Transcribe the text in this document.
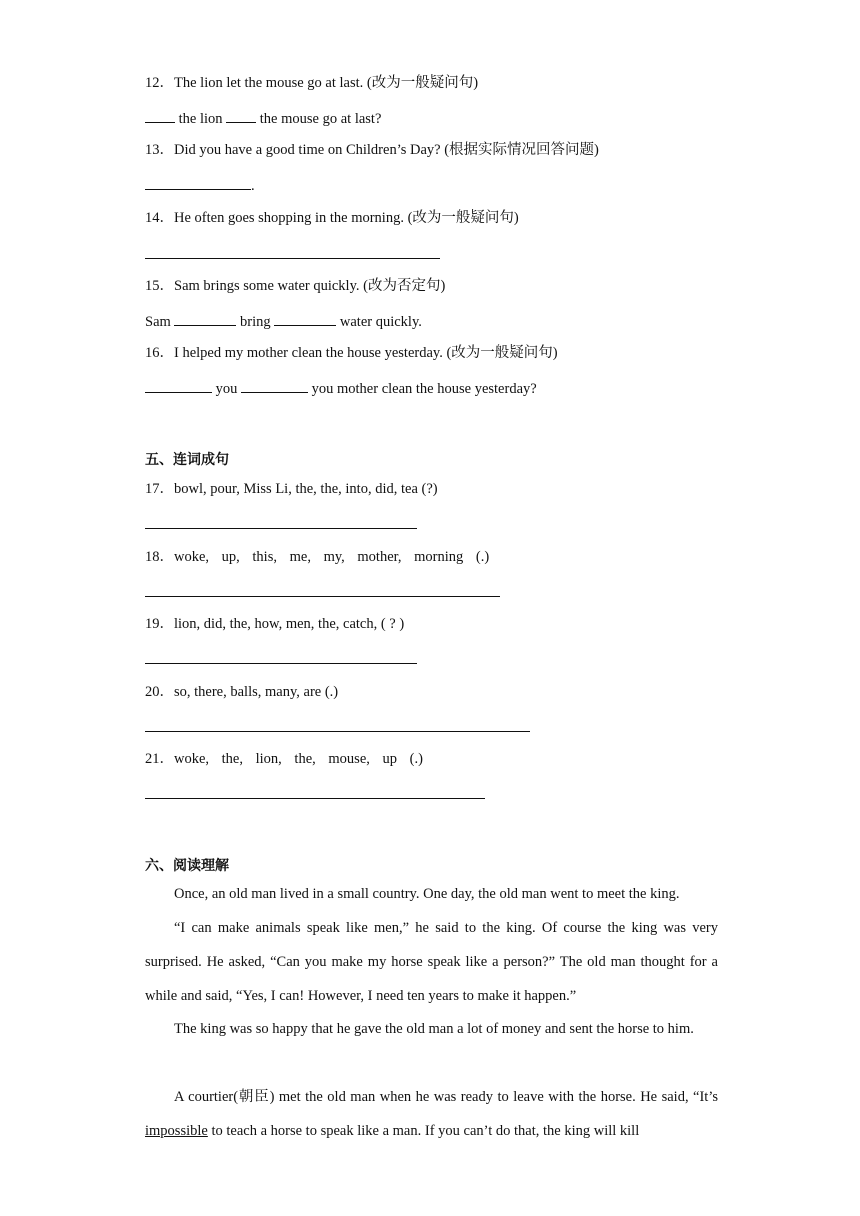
12．The lion let the mouse go at last. (改为一般疑问句)
the lion  the mouse go at last?
13．Did you have a good time on Children’s Day? (根据实际情况回答问题)
.
14．He often goes shopping in the morning. (改为一般疑问句)
15．Sam brings some water quickly. (改为否定句)
Sam	bring	water quickly.
16．I helped my mother clean the house yesterday. (改为一般疑问句)
you	you mother clean the house yesterday?
五、连词成句
17．bowl, pour, Miss Li, the, the, into, did, tea (?)
18．woke, up, this, me, my, mother, morning (.)
19．lion, did, the, how, men, the, catch, ( ? )
20．so, there, balls, many, are (.)
21．woke, the, lion, the, mouse, up (.)
六、阅读理解
Once, an old man lived in a small country. One day, the old man went to meet the king.
“I can make animals speak like men,” he said to the king. Of course the king was very surprised. He asked, “Can you make my horse speak like a person?” The old man thought for a while and said, “Yes, I can! However, I need ten years to make it happen.”
The king was so happy that he gave the old man a lot of money and sent the horse to him.
A courtier(朝臣) met the old man when he was ready to leave with the horse. He said, “It’s impossible to teach a horse to speak like a man. If you can’t do that, the king will kill
